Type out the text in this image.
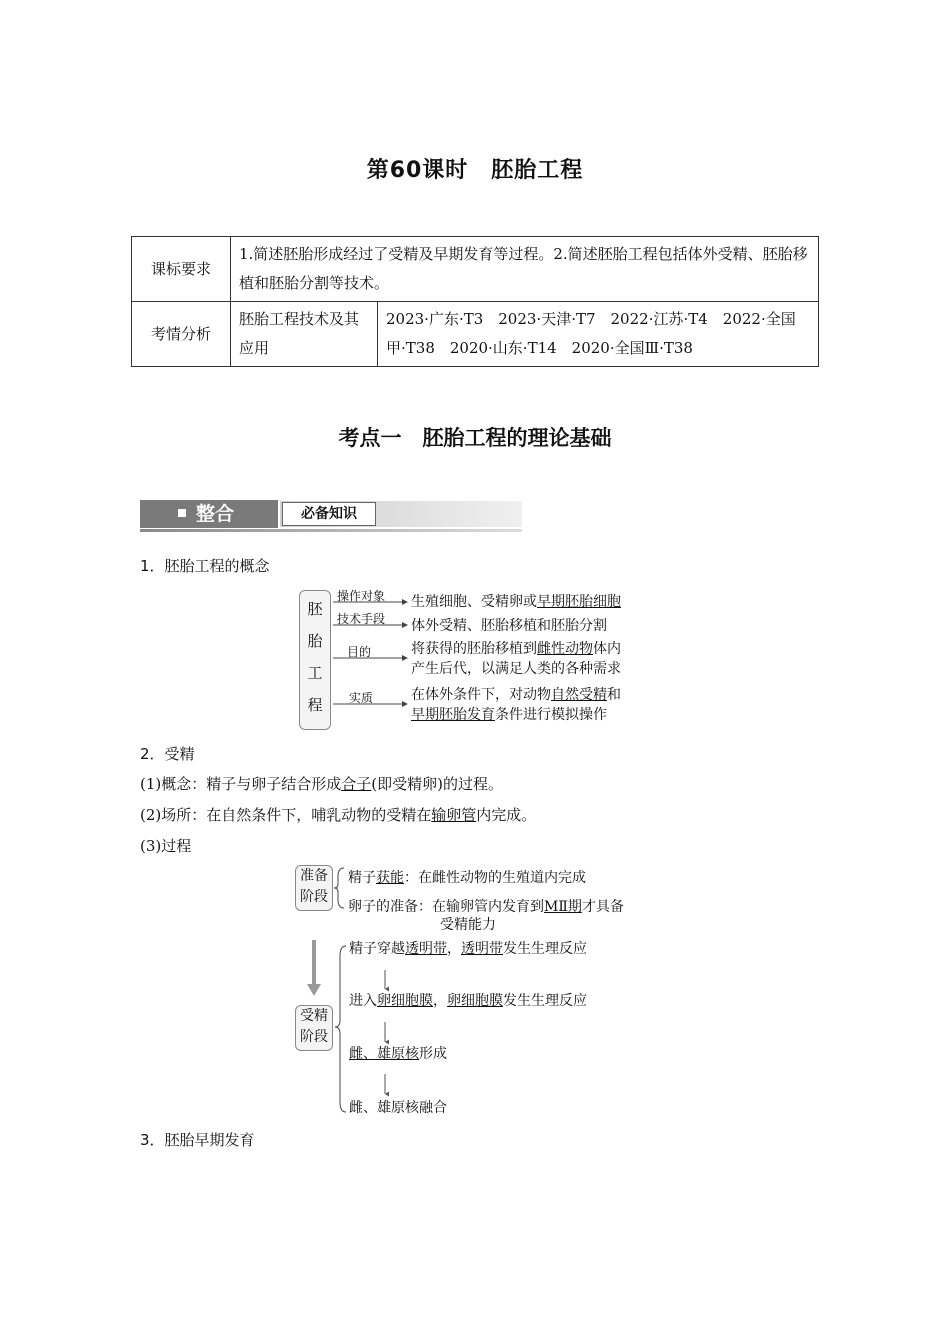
第60课时　胚胎工程
课标要求	1.简述胚胎形成经过了受精及早期发育等过程。2.简述胚胎工程包括体外受精、胚胎移植和胚胎分割等技术。	
考情分析	胚胎工程技术及其应用	2023·广东·T3　2023·天津·T7　2022·江苏·T4　2022·全国甲·T38　2020·山东·T14　2020·全国Ⅲ·T38
考点一　胚胎工程的理论基础
整合	必备知识
1．胚胎工程的概念
胚
胎
工
程
操作对象
技术手段
目的
实质
生殖细胞、受精卵或早期胚胎细胞
体外受精、胚胎移植和胚胎分割
将获得的胚胎移植到雌性动物体内
产生后代，以满足人类的各种需求
在体外条件下，对动物自然受精和
早期胚胎发育条件进行模拟操作
2．受精
(1)概念：精子与卵子结合形成合子(即受精卵)的过程。
(2)场所：在自然条件下，哺乳动物的受精在输卵管内完成。
(3)过程
准备
阶段
受精
阶段
精子获能：在雌性动物的生殖道内完成
卵子的准备：在输卵管内发育到MⅡ期才具备
受精能力
精子穿越透明带，透明带发生生理反应
进入卵细胞膜，卵细胞膜发生生理反应
雌、雄原核形成
雌、雄原核融合
3．胚胎早期发育
